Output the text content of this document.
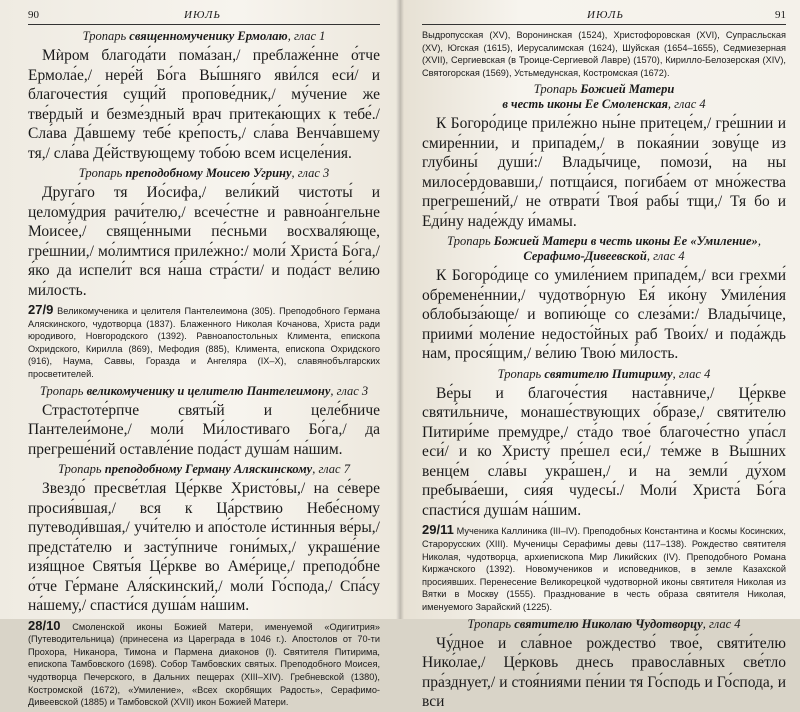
90	ИЮЛЬ
Тропарь священномученику Ермолаю, глас 1

Мѝром благода́ти пома́зан,/ преблаже́нне о́тче Ермола́е,/ нере́й Бо́га Вы́шняго яви́лся еси́/ и благочести́я сущи́й пропове́дник,/ му́чение же тве́рдый и безме́здный врач притека́ющих к тебе́./ Сла́ва Да́вшему тебе́ кре́пость,/ сла́ва Венча́вшему тя,/ сла́ва Де́йствующему тобо́ю всем исцеле́ния.

Тропарь преподобному Моисею Угрину, глас 3

Друга́го тя Ио́сифа,/ вели́кий чистоты́ и целому́дрия рачи́телю,/ всече́стне и равноа́нгельне Моисе́е,/ свяще́нными пе́сньми восхваля́юще, гре́шнии,/ мо́лимтися приле́жно:/ моли́ Христа́ Бо́га,/ я́ко да испели́т вся на́ша стра́сти/ и пода́ст ве́лию ми́лость.

27/9 Великомученика и целителя Пантелеимона (305). Преподобного Германа Аляскинского, чудотворца (1837). Блаженного Николая Кочанова, Христа ради юродивого, Новгородского (1392). Равноапостольных Климента, епископа Охридского, Кирилла (869), Мефодия (885), Климента, епископа Охридского (916), Наума, Саввы, Горазда и Ангеляра (IX–X), славянобългарских просветителей.

Тропарь великомученику и целителю Пантелеимону, глас 3

Страстоте́рпче святы́й и целе́бниче Пантелеи́моне,/ моли́ Ми́лостиваго Бо́га,/ да прегреше́ний оставле́ние пода́ст душа́м на́шим.

Тропарь преподобному Герману Аляскинскому, глас 7

Звездо́ пресве́тлая Це́ркве Христо́вы,/ на се́вере просия́вшая,/ вся к Ца́рствию Небе́сному путеводи́вшая,/ учи́телю и апо́столе и́стинныя ве́ры,/ предста́телю и засту́пниче гони́мых,/ украше́ние изя́щное Святы́я Це́ркве во Аме́рице,/ преподо́бне о́тче Ге́рмане Аля́скинский,/ моли́ Го́спода,/ Спа́су на́шему,/ спасти́ся душа́м на́шим.

28/10 Смоленской иконы Божией Матери, именуемой «Одигитрия» (Путеводительница) (принесена из Цареграда в 1046 г.). Апостолов от 70-ти Прохора, Никанора, Тимона и Пармена диаконов (I). Святителя Питирима, епископа Тамбовского (1698). Собор Тамбовских святых. Преподобного Моисея, чудотворца Печерского, в Дальних пещерах (XIII–XIV). Гребневской (1380), Костромской (1672), «Умиление», «Всех скорбящих Радость», Серафимо-Дивеевской (1885) и Тамбовской (XVII) икон Божией Матери.

ИЮЛЬ	91

Выдропусская (XV), Воронинская (1524), Христофоровская (XVI), Супрасльская (XV), Югская (1615), Иерусалимская (1624), Шуйская (1654–1655), Седмиезерная (XVII), Сергиевская (в Троице-Сергиевой Лавре) (1570), Кирилло-Белозерская (XIV), Святогорская (1569), Устьмедунская, Костромская (1672).

Тропарь Божией Матери
в честь иконы Ее Смоленская, глас 4

К Богоро́дице приле́жно ны́не притеце́м,/ гре́шнии и смире́ннии, и припаде́м,/ в покая́нии зову́ще из глубины́ души́:/ Влады́чице, помози́, на ны милосе́рдовавши,/ потща́ися, погиба́ем от мно́жества прегреше́ний,/ не отврати́ Твоя́ рабы́ тщи,/ Тя бо и Еди́ну наде́жду и́мамы.

Тропарь Божией Матери в честь иконы Ее «Умиление»,
Серафимо-Дивеевской, глас 4

К Богоро́дице со умиле́нием припаде́м,/ вси грехми́ обремене́ннии,/ чудотво́рную Ея́ ико́ну Умиле́ния облобыза́юще/ и вопию́ще со слеза́ми:/ Влады́чице, приими́ моле́ние недосто́йных раб Твои́х/ и пода́ждь нам, прося́щим,/ ве́лию Твою́ ми́лость.

Тропарь святителю Питириму, глас 4

Ве́ры и благоче́стия наста́вниче,/ Це́ркве святи́льниче, монаше́ствующих о́бразе,/ святи́телю Питири́ме премудре,/ ста́до твое́ благоче́стно упа́сл еси́/ и ко Христу́ пре́шел еси́,/ те́мже в Вы́шних венце́м сла́вы укра́шен,/ и на земли́ ду́хом пребыва́еши, сия́я чудесы́./ Моли́ Христа́ Бо́га спасти́ся душа́м на́шим.

29/11 Мученика Каллиника (III–IV). Преподобных Константина и Космы Косинских, Старорусских (XIII). Мученицы Серафимы девы (117–138). Рождество святителя Николая, чудотворца, архиепископа Мир Ликийских (IV). Преподобного Романа Киржачского (1392). Новомучеников и исповедников, в земле Казахской просиявших. Перенесение Великорецкой чудотворной иконы святителя Николая из Вятки в Москву (1555). Празднование в честь образа святителя Николая, именуемого Зарайский (1225).

Тропарь святителю Николаю Чудотворцу, глас 4

Чу́дное и сла́вное рождество́ твое́, святи́телю Нико́лае,/ Це́рковь днесь правосла́вных све́тло пра́зднует,/ и стоя́ниями пе́нии тя Го́сподь и Го́спода, и вси
